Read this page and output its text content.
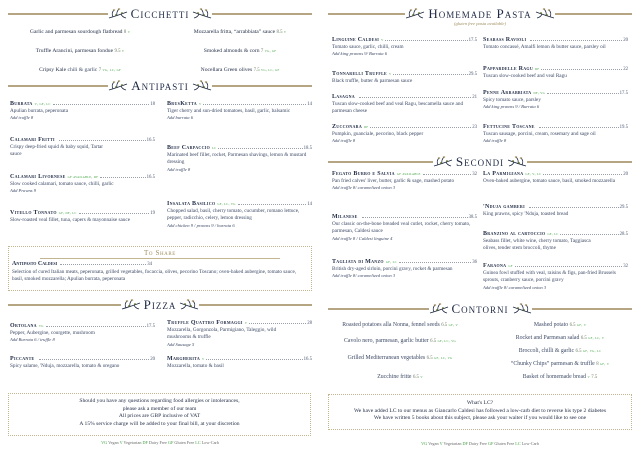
Cicchetti
Garlic and parmesan sourdough flatbread 8 v	Mozzarella fritta, “arrabbiata” sauce 8.5 v
Truffle Arancini, parmesan fondue 9.5 v	Smoked almonds & corn 7 vg, gf
Cripsy Kale chili & garlic 7 vg, lc, gf	Nocellara Green olives 7.5 vg, lc, gf
Antipasti
Burrata v, gf, lc	18
Apulian burrata, peperonata
Add truffle 8
BrusKetta v	14
Tiger cherry and sun-dried tomatoes, basil, garlic, balsamic
Add burrata 6
Calamari Fritti	16.5
Crispy deep-fried squid & baby squid, Tartar sauce
Beef Carpaccio lc	18.5
Marinated beef fillet, rocket, Parmesan shavings, lemon & mustard dressing
Add truffle 8
Calamari Livornese gf available, df	16.5
Slow cooked calamari, tomato sauce, chilli, garlic
Add Prawns 9
Insalata Basilico gf, lc, vg	14
Chopped salad, basil, cherry tomato, cucumber, romano lettuce, pepper, radicchio, celery, lemon dressing
Add chicken 9 / prawns 9 / burrata 6
Vitello Tonnato gf, df, lc	19
Slow-roasted veal fillet, tuna, capers & mayonnaise sauce
To Share
Antipasto Caldesi	34
Selection of cured Italian meats, peperonata, grilled vegetables, focaccia, olives, pecorino Toscano; oven-baked aubergine, tomato sauce, basil, smoked mozzarella; Apulian burrata, peperonata
Pizza
Ortolana vg	17.5
Pepper, Aubergine, courgette, mushroom
Add Burrata 6 / truffle 8
Truffle Quattro Formaggi v	28
Mozzarella, Gorgonzola, Parmigiano, Taleggio, wild mushrooms & truffle
Add Sausage 5
Piccante	20
Spicy salame, 'Nduja, mozzarella, tomato & oregano
Margherita v	16.5
Mozzarella, tomato & basil
Should you have any questions regarding food allergies or intolerances,
please ask a member of our team
All prices are GBP inclusive of VAT
A 15% service charge will be added to your final bill, at your discretion
VG Vegan V Vegetarian DF Dairy Free GF Gluten Free LC Low-Carb
Homemade Pasta
(gluten free pasta available)
Linguine Caldesi v	17.5
Tomato sauce, garlic, chilli, cream
Add king prawns 9/ Burrata 6
Seabass Ravioli	20
Tomato concassé, Amalfi lemon & butter sauce, parsley oil
Tonnarelli Truffle v	29.5
Black truffle, butter & parmesan sauce
Pappardelle Ragu df	22
Tuscan slow-cooked beef and veal Ragu
Lasagna	21
Tuscan slow-cooked beef and veal Ragu, bescamella sauce and parmesan cheese
Penne Arrabbiata df, vg	17.5
Spicy tomato sauce, parsley
Add king prawns 9 / Burrata 6
Zucconara df	23
Pumpkin, guanciale, pecorino, black pepper
Add truffle 8
Fettucine Toscane	19.5
Tuscan sausage, porcini, cream, rosemary and sage oil
Add truffle 8
Secondi
Fegato Burro e Salvia gf available	32
Pan fried calves' liver, butter, garlic & sage, mashed potato
Add truffle 8/ caramelized onion 3
La Parmigiana gf, v, lc	20
Oven-baked aubergine, tomato sauce, basil, smoked mozzarella
'Nduja gamberi	29.5
King prawns, spicy 'Nduja, toasted bread
Milanese	38.5
Our classic on-the-bone breaded veal cutlet, rocket, cherry tomato, parmesan, Caldesi sauce
Add truffle 8 / Caldesi linguine 4
Branzino al cartoccio gf, lc	28.5
Seabass fillet, white wine, cherry tomato, Taggiasca olives, tender stem broccoli, thyme
Tagliata di Manzo gf, lc	36
British dry-aged sirloin, porcini gravy, rocket & parmesan
Add truffle 8/ caramelized onion 3
Faraona gf	32
Guinea fowl stuffed with veal, raisins & figs, pan-fried Brussels sprouts, cranberry sauce, porcini gravy
Add truffle 8/ caramelized onion 3
Contorni
Roasted potatoes alla Nonna, fennel seeds 6.5 gf, v
Cavolo nero, parmesan, garlic butter 6.5 gf, lc, vg
Grilled Mediterranean vegetables 6.5 gf, lc, vg
Zucchine fritte 6.5 v
Mashed potato 6.5 gf, v
Rocket and Parmesan salad 6.5 gf, lc, v
Broccoli, chilli & garlic 6.5 gf, vg, lc
“Chunky Chips” parmesan & truffle 8 gf, v
Basket of homemade bread v 7.5
What's LC?
We have added LC to our menus as Giancarlo Caldesi has followed a low-carb diet to reverse his type 2 diabetes
We have written 5 books about this subject, please ask your waiter if you would like to see one
VG Vegan V Vegetarian DF Dairy Free GF Gluten Free LC Low-Carb
